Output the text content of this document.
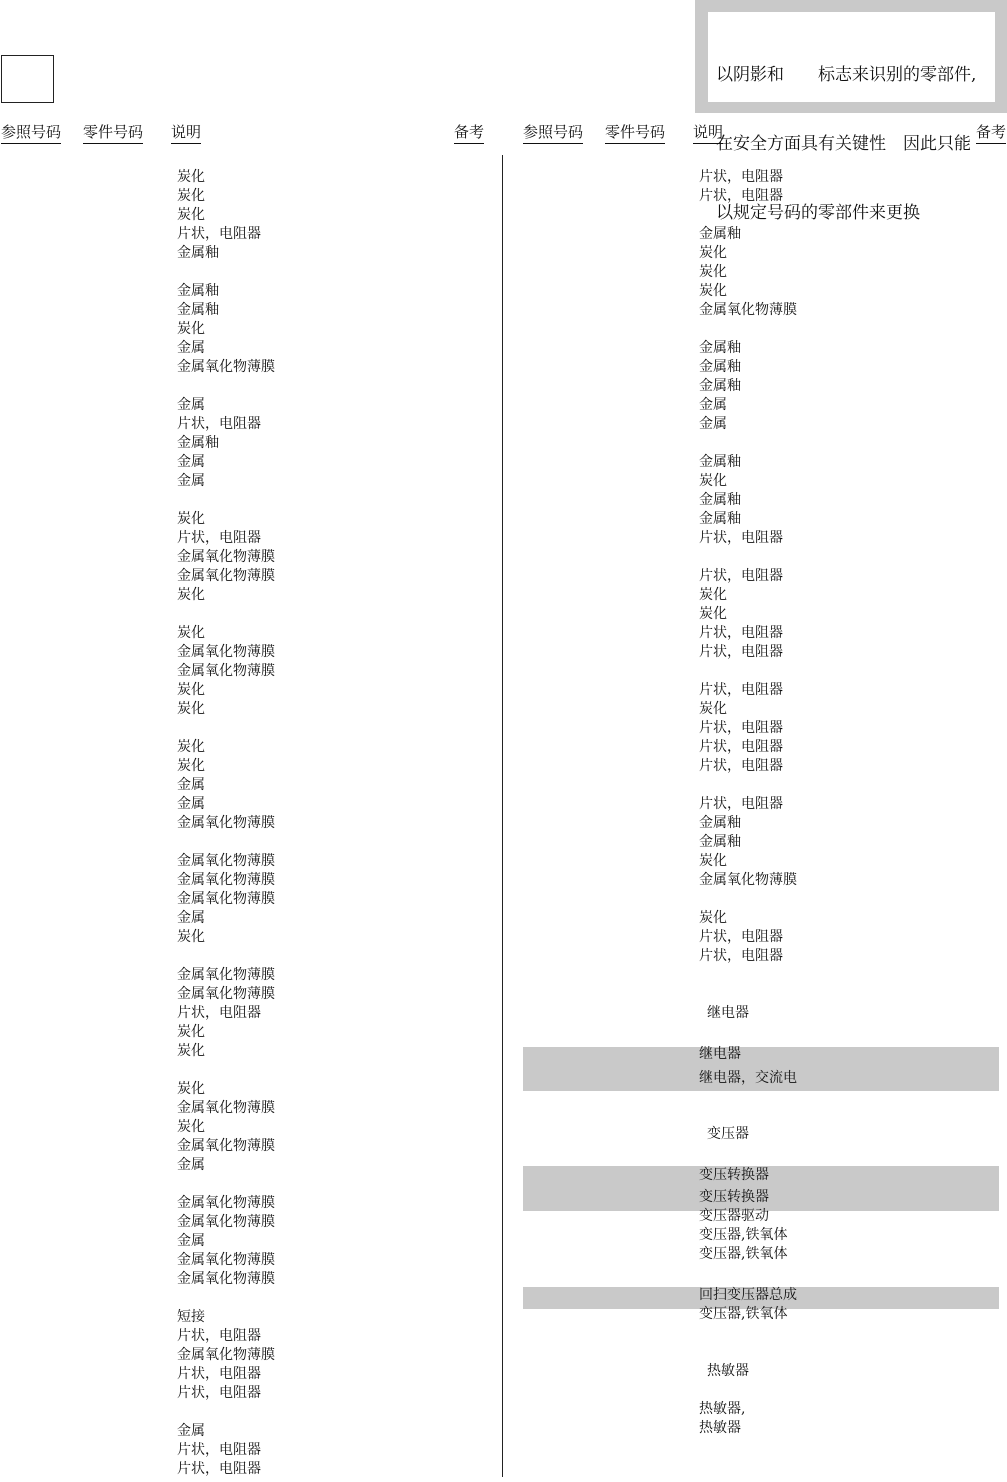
以阴影和　　标志来识别的零部件,

在安全方面具有关键性　因此只能

以规定号码的零部件来更换

参照号码 零件号码 说明	备考	参照号码 零件号码 说明	备考
炭化
炭化
炭化
片状，电阻器
金属釉
金属釉
金属釉
炭化
金属
金属氧化物薄膜
金属
片状，电阻器
金属釉
金属
金属
炭化
片状，电阻器
金属氧化物薄膜
金属氧化物薄膜
炭化
炭化
金属氧化物薄膜
金属氧化物薄膜
炭化
炭化
炭化
炭化
金属
金属
金属氧化物薄膜
金属氧化物薄膜
金属氧化物薄膜
金属氧化物薄膜
金属
炭化
金属氧化物薄膜
金属氧化物薄膜
片状，电阻器
炭化
炭化
炭化
金属氧化物薄膜
炭化
金属氧化物薄膜
金属
金属氧化物薄膜
金属氧化物薄膜
金属
金属氧化物薄膜
金属氧化物薄膜
短接
片状，电阻器
金属氧化物薄膜
片状，电阻器
片状，电阻器
金属
片状，电阻器
片状，电阻器
片状，电阻器
片状，电阻器
金属釉
炭化
炭化
炭化
金属氧化物薄膜
金属釉
金属釉
金属釉
金属
金属
金属釉
炭化
金属釉
金属釉
片状，电阻器
片状，电阻器
炭化
炭化
片状，电阻器
片状，电阻器
片状，电阻器
炭化
片状，电阻器
片状，电阻器
片状，电阻器
片状，电阻器
金属釉
金属釉
炭化
金属氧化物薄膜
炭化
片状，电阻器
片状，电阻器
继电器
继电器
继电器，交流电
变压器
变压转换器
变压转换器
变压器驱动
变压器,铁氧体
变压器,铁氧体
回扫变压器总成
变压器,铁氧体
热敏器
热敏器,
热敏器
